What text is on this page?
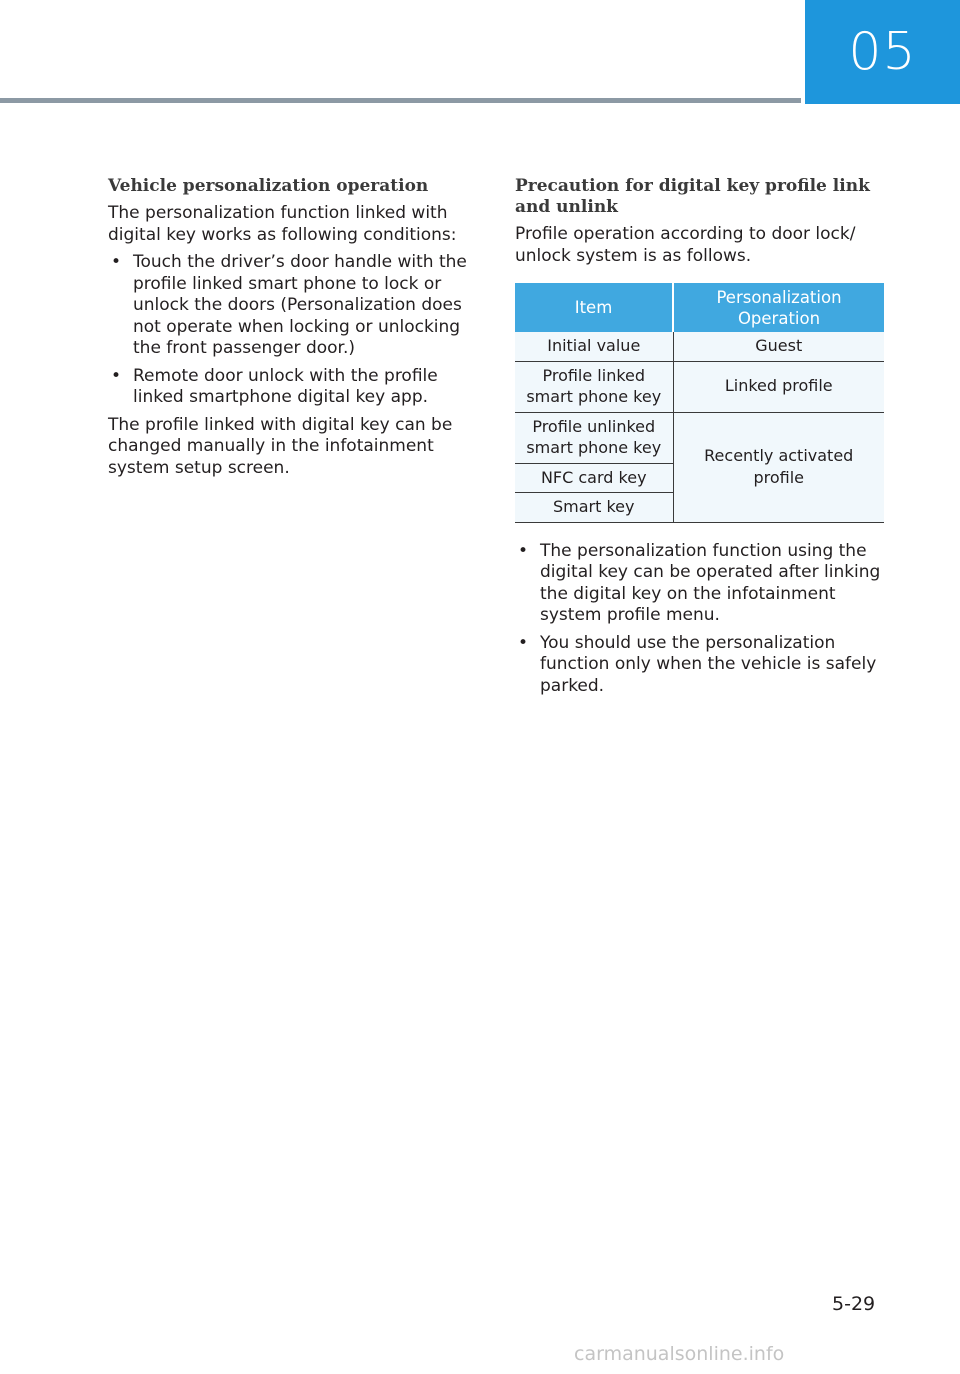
05
Vehicle personalization operation
The personalization function linked with digital key works as following conditions:
• Touch the driver’s door handle with the profile linked smart phone to lock or unlock the doors (Personalization does not operate when locking or unlocking the front passenger door.)
• Remote door unlock with the profile linked smartphone digital key app.
The profile linked with digital key can be changed manually in the infotainment system setup screen.
Precaution for digital key profile link and unlink
Profile operation according to door lock/ unlock system is as follows.
Item	Personalization Operation
Initial value	Guest
Profile linked smart phone key	Linked profile
Profile unlinked smart phone key	Recently activated profile
NFC card key	
Smart key	
• The personalization function using the digital key can be operated after linking the digital key on the infotainment system profile menu.
• You should use the personalization function only when the vehicle is safely parked.
5-29
carmanualsonline.info
